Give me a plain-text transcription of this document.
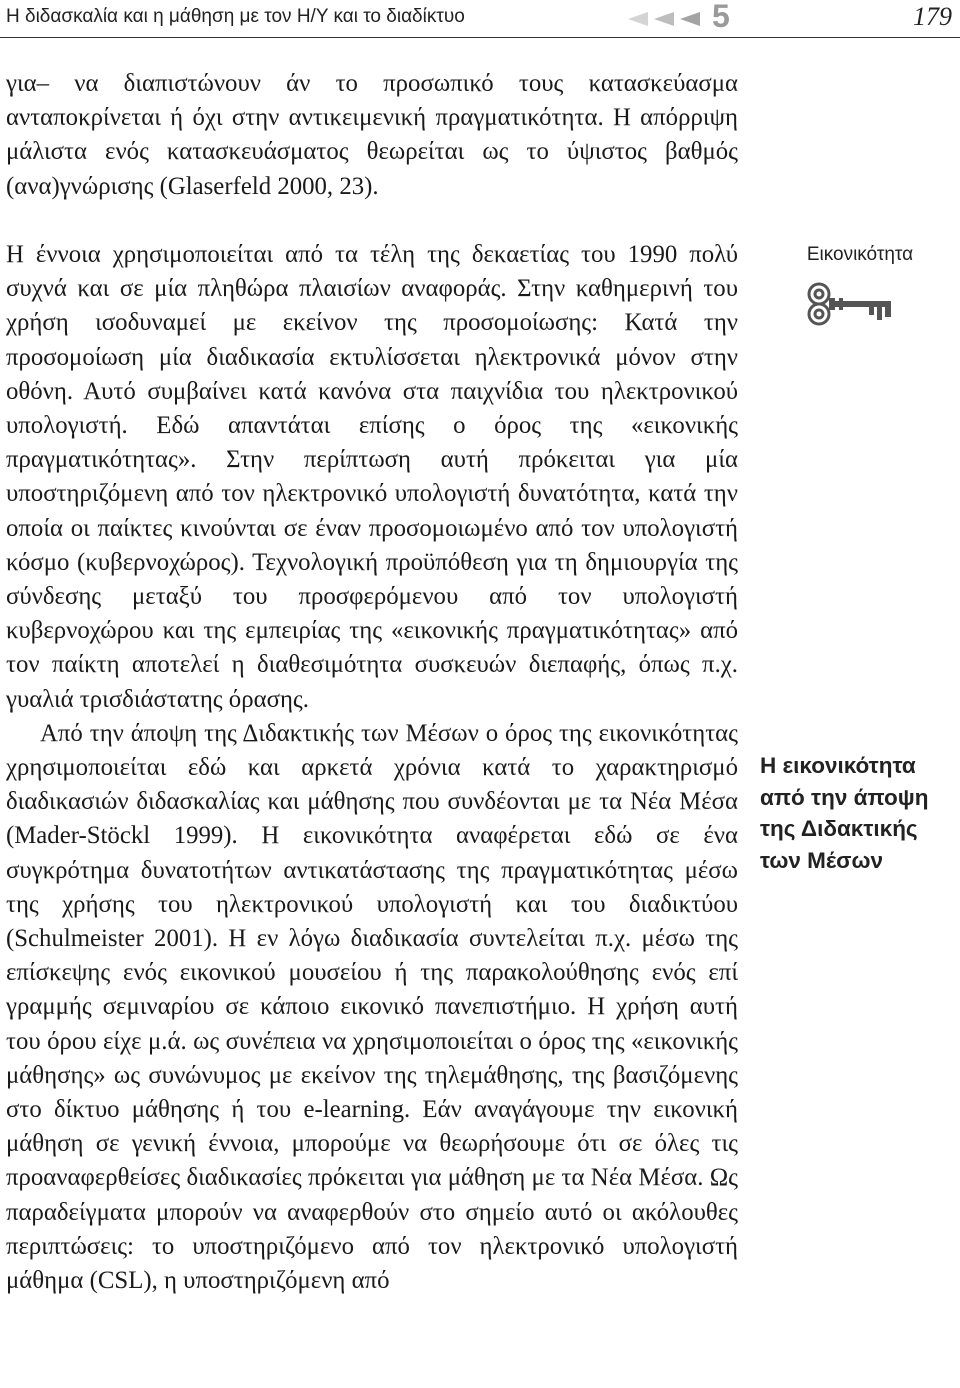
Η διδασκαλία και η μάθηση με τον Η/Υ και το διαδίκτυο	5	179

για– να διαπιστώνουν άν το προσωπικό τους κατασκεύασμα ανταποκρίνεται ή όχι στην αντικειμενική πραγματικότητα. Η απόρριψη μάλιστα ενός κατασκευάσματος θεωρείται ως το ύψιστος βαθμός (ανα)γνώρισης (Glaserfeld 2000, 23).

Η έννοια χρησιμοποιείται από τα τέλη της δεκαετίας του 1990 πολύ συχνά και σε μία πληθώρα πλαισίων αναφοράς. Στην καθημερινή του χρήση ισοδυναμεί με εκείνον της προσομοίωσης: Κατά την προσομοίωση μία διαδικασία εκτυλίσσεται ηλεκτρονικά μόνον στην οθόνη. Αυτό συμβαίνει κατά κανόνα στα παιχνίδια του ηλεκτρονικού υπολογιστή. Εδώ απαντάται επίσης ο όρος της «εικονικής πραγματικότητας». Στην περίπτωση αυτή πρόκειται για μία υποστηριζόμενη από τον ηλεκτρονικό υπολογιστή δυνατότητα, κατά την οποία οι παίκτες κινούνται σε έναν προσομοιωμένο από τον υπολογιστή κόσμο (κυβερνοχώρος). Τεχνολογική προϋπόθεση για τη δημιουργία της σύνδεσης μεταξύ του προσφερόμενου από τον υπολογιστή κυβερνοχώρου και της εμπειρίας της «εικονικής πραγματικότητας» από τον παίκτη αποτελεί η διαθεσιμότητα συσκευών διεπαφής, όπως π.χ. γυαλιά τρισδιάστατης όρασης.

Από την άποψη της Διδακτικής των Μέσων ο όρος της εικονικότητας χρησιμοποιείται εδώ και αρκετά χρόνια κατά το χαρακτηρισμό διαδικασιών διδασκαλίας και μάθησης που συνδέονται με τα Νέα Μέσα (Mader-Stöckl 1999). Η εικονικότητα αναφέρεται εδώ σε ένα συγκρότημα δυνατοτήτων αντικατάστασης της πραγματικότητας μέσω της χρήσης του ηλεκτρονικού υπολογιστή και του διαδικτύου (Schulmeister 2001). Η εν λόγω διαδικασία συντελείται π.χ. μέσω της επίσκεψης ενός εικονικού μουσείου ή της παρακολούθησης ενός επί γραμμής σεμιναρίου σε κάποιο εικονικό πανεπιστήμιο. Η χρήση αυτή του όρου είχε μ.ά. ως συνέπεια να χρησιμοποιείται ο όρος της «εικονικής μάθησης» ως συνώνυμος με εκείνον της τηλεμάθησης, της βασιζόμενης στο δίκτυο μάθησης ή του e-learning. Εάν αναγάγουμε την εικονική μάθηση σε γενική έννοια, μπορούμε να θεωρήσουμε ότι σε όλες τις προαναφερθείσες διαδικασίες πρόκειται για μάθηση με τα Νέα Μέσα. Ως παραδείγματα μπορούν να αναφερθούν στο σημείο αυτό οι ακόλουθες περιπτώσεις: το υποστηριζόμενο από τον ηλεκτρονικό υπολογιστή μάθημα (CSL), η υποστηριζόμενη από

Εικονικότητα
Η εικονικότητα
από την άποψη
της Διδακτικής
των Μέσων
